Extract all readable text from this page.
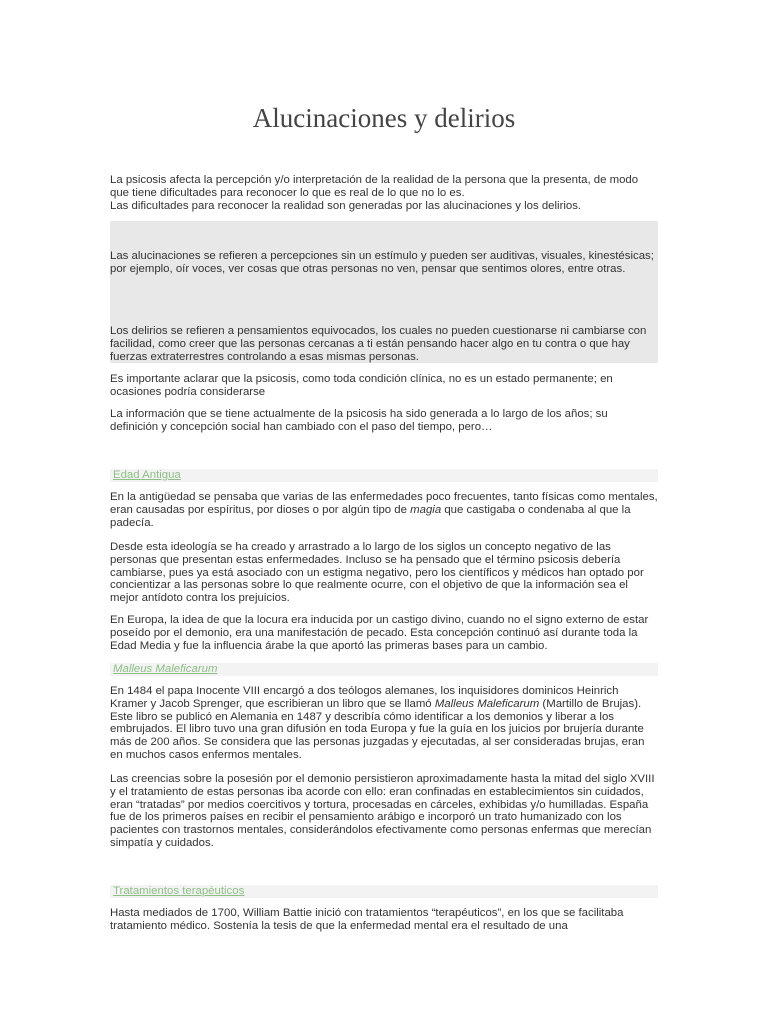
Alucinaciones y delirios

La psicosis afecta la percepción y/o interpretación de la realidad de la persona que la presenta, de modo que tiene dificultades para reconocer lo que es real de lo que no lo es.

Las dificultades para reconocer la realidad son generadas por las alucinaciones y los delirios.

Las alucinaciones se refieren a percepciones sin un estímulo y pueden ser auditivas, visuales, kinestésicas; por ejemplo, oír voces, ver cosas que otras personas no ven, pensar que sentimos olores, entre otras.

Los delirios se refieren a pensamientos equivocados, los cuales no pueden cuestionarse ni cambiarse con facilidad, como creer que las personas cercanas a ti están pensando hacer algo en tu contra o que hay fuerzas extraterrestres controlando a esas mismas personas.

Es importante aclarar que la psicosis, como toda condición clínica, no es un estado permanente; en ocasiones podría considerarse

La información que se tiene actualmente de la psicosis ha sido generada a lo largo de los años; su definición y concepción social han cambiado con el paso del tiempo, pero…

Edad Antigua

En la antigüedad se pensaba que varias de las enfermedades poco frecuentes, tanto físicas como mentales, eran causadas por espíritus, por dioses o por algún tipo de magia que castigaba o condenaba al que la padecía.

Desde esta ideología se ha creado y arrastrado a lo largo de los siglos un concepto negativo de las personas que presentan estas enfermedades. Incluso se ha pensado que el término psicosis debería cambiarse, pues ya está asociado con un estigma negativo, pero los científicos y médicos han optado por concientizar a las personas sobre lo que realmente ocurre, con el objetivo de que la información sea el mejor antídoto contra los prejuicios.

En Europa, la idea de que la locura era inducida por un castigo divino, cuando no el signo externo de estar poseído por el demonio, era una manifestación de pecado. Esta concepción continuó así durante toda la Edad Media y fue la influencia árabe la que aportó las primeras bases para un cambio.

Malleus Maleficarum

En 1484 el papa Inocente VIII encargó a dos teólogos alemanes, los inquisidores dominicos Heinrich Kramer y Jacob Sprenger, que escribieran un libro que se llamó Malleus Maleficarum (Martillo de Brujas). Este libro se publicó en Alemania en 1487 y describía cómo identificar a los demonios y liberar a los embrujados. El libro tuvo una gran difusión en toda Europa y fue la guía en los juicios por brujería durante más de 200 años. Se considera que las personas juzgadas y ejecutadas, al ser consideradas brujas, eran en muchos casos enfermos mentales.

Las creencias sobre la posesión por el demonio persistieron aproximadamente hasta la mitad del siglo XVIII y el tratamiento de estas personas iba acorde con ello: eran confinadas en establecimientos sin cuidados, eran “tratadas” por medios coercitivos y tortura, procesadas en cárceles, exhibidas y/o humilladas. España fue de los primeros países en recibir el pensamiento arábigo e incorporó un trato humanizado con los pacientes con trastornos mentales, considerándolos efectivamente como personas enfermas que merecían simpatía y cuidados.

Tratamientos terapéuticos

Hasta mediados de 1700, William Battie inició con tratamientos “terapéuticos”, en los que se facilitaba tratamiento médico. Sostenía la tesis de que la enfermedad mental era el resultado de una
